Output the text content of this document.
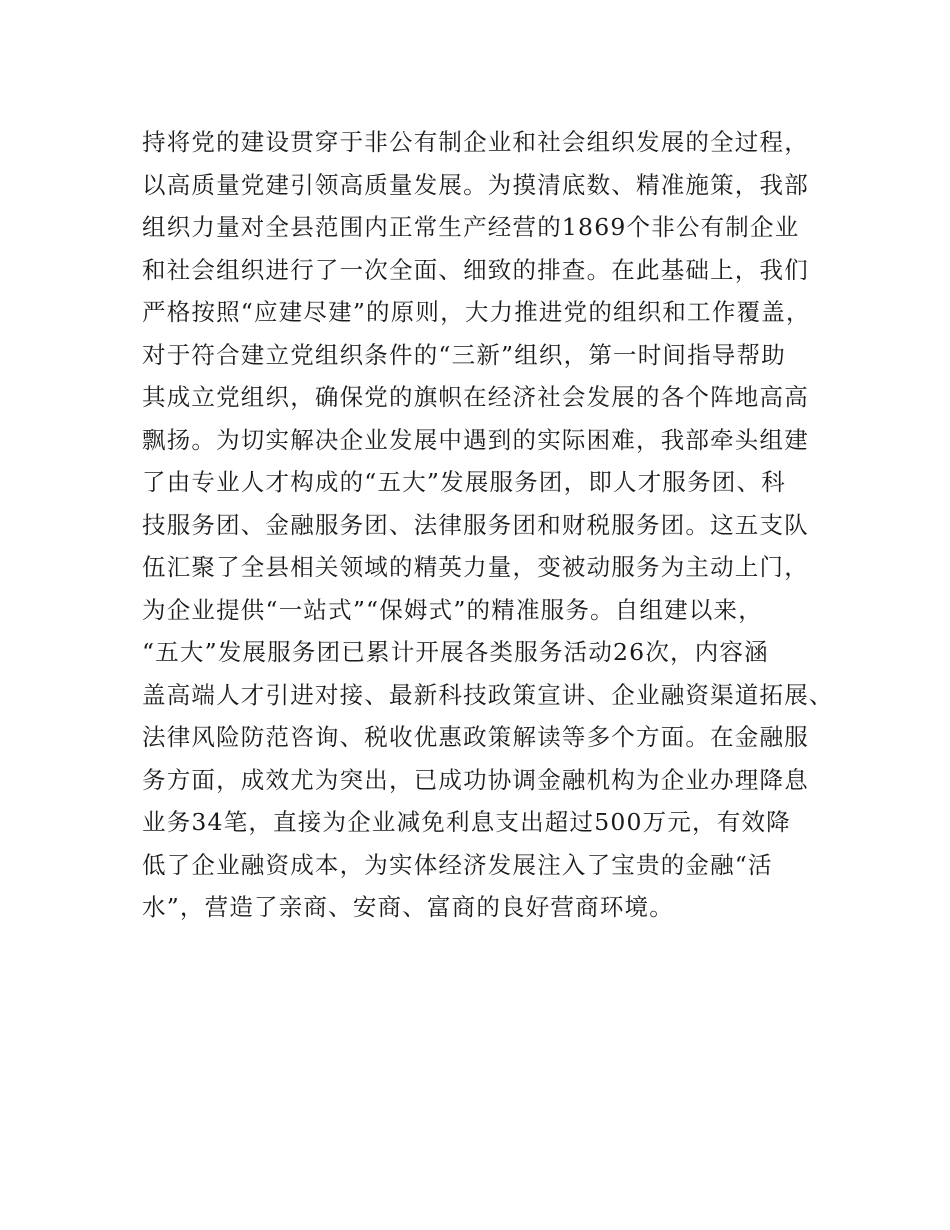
持将党的建设贯穿于非公有制企业和社会组织发展的全过程，
以高质量党建引领高质量发展。为摸清底数、精准施策，我部
组织力量对全县范围内正常生产经营的1869个非公有制企业
和社会组织进行了一次全面、细致的排查。在此基础上，我们
严格按照“应建尽建”的原则，大力推进党的组织和工作覆盖，
对于符合建立党组织条件的“三新”组织，第一时间指导帮助
其成立党组织，确保党的旗帜在经济社会发展的各个阵地高高
飘扬。为切实解决企业发展中遇到的实际困难，我部牵头组建
了由专业人才构成的“五大”发展服务团，即人才服务团、科
技服务团、金融服务团、法律服务团和财税服务团。这五支队
伍汇聚了全县相关领域的精英力量，变被动服务为主动上门，
为企业提供“一站式”“保姆式”的精准服务。自组建以来，
“五大”发展服务团已累计开展各类服务活动26次，内容涵
盖高端人才引进对接、最新科技政策宣讲、企业融资渠道拓展、
法律风险防范咨询、税收优惠政策解读等多个方面。在金融服
务方面，成效尤为突出，已成功协调金融机构为企业办理降息
业务34笔，直接为企业减免利息支出超过500万元，有效降
低了企业融资成本，为实体经济发展注入了宝贵的金融“活
水”，营造了亲商、安商、富商的良好营商环境。
